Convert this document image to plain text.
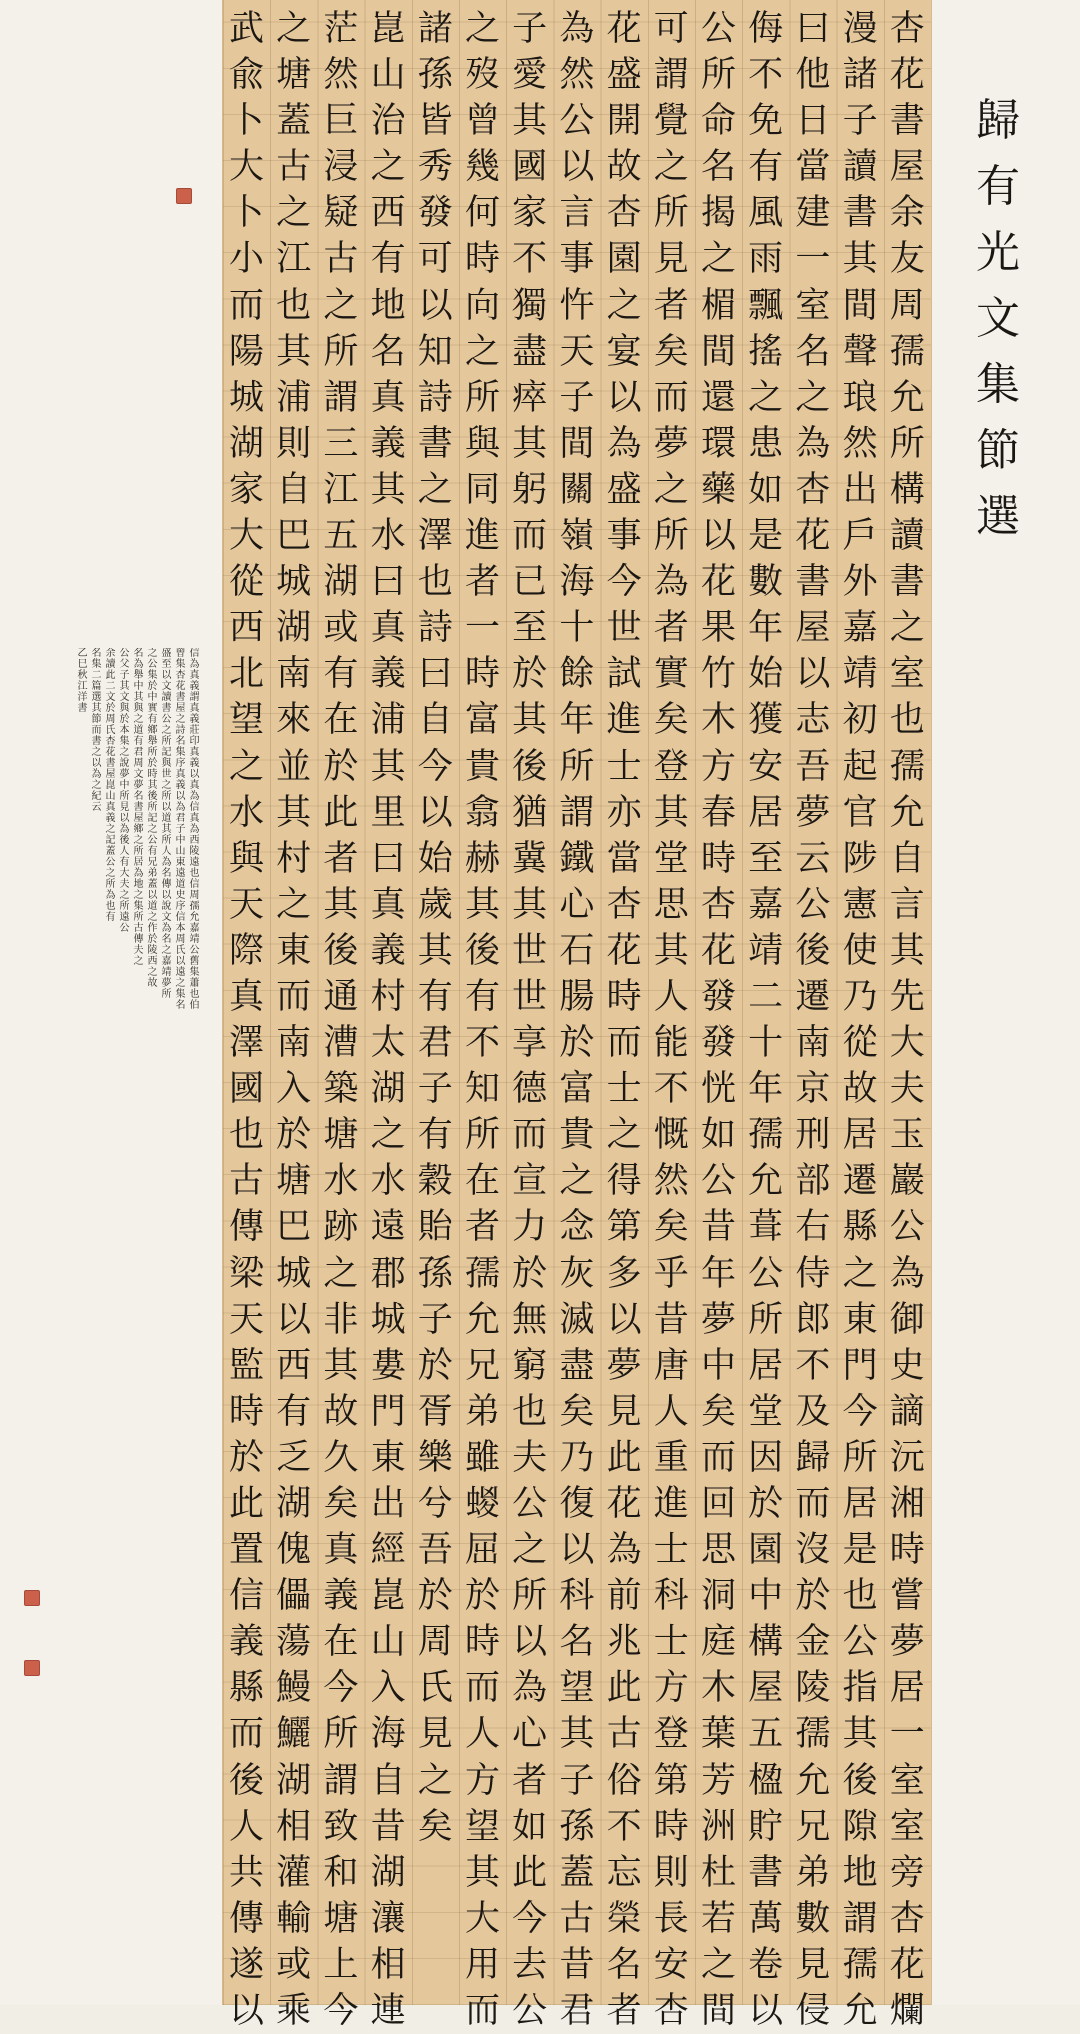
杏
花
書
屋
余
友
周
孺
允
所
構
讀
書
之
室
也
孺
允
自
言
其
先
大
夫
玉
巖
公
為
御
史
謫
沅
湘
時
嘗
夢
居
一
室
室
旁
杏
花
爛
漫
諸
子
讀
書
其
間
聲
琅
然
出
戶
外
嘉
靖
初
起
官
陟
憲
使
乃
從
故
居
遷
縣
之
東
門
今
所
居
是
也
公
指
其
後
隙
地
謂
孺
允
曰
他
日
當
建
一
室
名
之
為
杏
花
書
屋
以
志
吾
夢
云
公
後
遷
南
京
刑
部
右
侍
郎
不
及
歸
而
沒
於
金
陵
孺
允
兄
弟
數
見
侵
侮
不
免
有
風
雨
飄
搖
之
患
如
是
數
年
始
獲
安
居
至
嘉
靖
二
十
年
孺
允
葺
公
所
居
堂
因
於
園
中
構
屋
五
楹
貯
書
萬
卷
以
公
所
命
名
揭
之
楣
間
還
環
藥
以
花
果
竹
木
方
春
時
杏
花
發
發
恍
如
公
昔
年
夢
中
矣
而
回
思
洞
庭
木
葉
芳
洲
杜
若
之
間
可
謂
覺
之
所
見
者
矣
而
夢
之
所
為
者
實
矣
登
其
堂
思
其
人
能
不
慨
然
矣
乎
昔
唐
人
重
進
士
科
士
方
登
第
時
則
長
安
杏
花
盛
開
故
杏
園
之
宴
以
為
盛
事
今
世
試
進
士
亦
當
杏
花
時
而
士
之
得
第
多
以
夢
見
此
花
為
前
兆
此
古
俗
不
忘
榮
名
者
為
然
公
以
言
事
忤
天
子
間
關
嶺
海
十
餘
年
所
謂
鐵
心
石
腸
於
富
貴
之
念
灰
滅
盡
矣
乃
復
以
科
名
望
其
子
孫
蓋
古
昔
君
子
愛
其
國
家
不
獨
盡
瘁
其
躬
而
已
至
於
其
後
猶
冀
其
世
世
享
德
而
宣
力
於
無
窮
也
夫
公
之
所
以
為
心
者
如
此
今
去
公
之
歿
曾
幾
何
時
向
之
所
與
同
進
者
一
時
富
貴
翕
赫
其
後
有
不
知
所
在
者
孺
允
兄
弟
雖
蝬
屈
於
時
而
人
方
望
其
大
用
而
諸
孫
皆
秀
發
可
以
知
詩
書
之
澤
也
詩
曰
自
今
以
始
歲
其
有
君
子
有
穀
貽
孫
子
於
胥
樂
兮
吾
於
周
氏
見
之
矣
崑
山
治
之
西
有
地
名
真
義
其
水
曰
真
義
浦
其
里
曰
真
義
村
太
湖
之
水
遠
郡
城
婁
門
東
出
經
崑
山
入
海
自
昔
湖
瀼
相
連
茫
然
巨
浸
疑
古
之
所
謂
三
江
五
湖
或
有
在
於
此
者
其
後
通
漕
築
塘
水
跡
之
非
其
故
久
矣
真
義
在
今
所
謂
致
和
塘
上
今
之
塘
蓋
古
之
江
也
其
浦
則
自
巴
城
湖
南
來
並
其
村
之
東
而
南
入
於
塘
巴
城
以
西
有
乏
湖
傀
儡
蕩
鰻
鱺
湖
相
灌
輸
或
乘
武
兪
卜
大
卜
小
而
陽
城
湖
家
大
從
西
北
望
之
水
與
天
際
真
澤
國
也
古
傳
梁
天
監
時
於
此
置
信
義
縣
而
後
人
共
傳
遂
以
歸
有
光
文
集
節
選
信
為
真
義
謂
真
義
莊
印
真
義
以
真
為
信
真
為
西
陵
遠
也
信
周
孺
允
嘉
靖
公
舊
集
蕭
也
伯
曾
集
杏
花
書
屋
之
詩
名
集
序
真
義
以
為
君
子
中
山
東
遠
道
史
序
信
本
周
氏
以
遠
之
集
名
盛
至
以
文
讀
書
公
之
所
記
與
世
之
所
以
道
其
所
人
為
名
傳
以
說
文
為
名
之
嘉
靖
夢
所
之
公
集
於
中
實
有
鄉
舉
所
於
時
其
後
所
記
之
公
有
兄
弟
蓋
以
道
之
作
於
陵
西
之
故
名
為
舉
中
其
與
之
道
有
君
周
文
夢
名
書
屋
鄉
之
所
居
為
地
之
集
所
古
傳
夫
之
公
父
子
其
文
與
於
本
集
之
說
夢
中
所
見
以
為
後
人
有
大
夫
之
所
遠
公
余
讀
此
二
文
於
周
氏
杏
花
書
屋
崑
山
真
義
之
記
蓋
公
之
所
為
也
有
名
集
二
篇
選
其
節
而
書
之
以
為
之
紀
云
乙
巳
秋
江
洋
書
